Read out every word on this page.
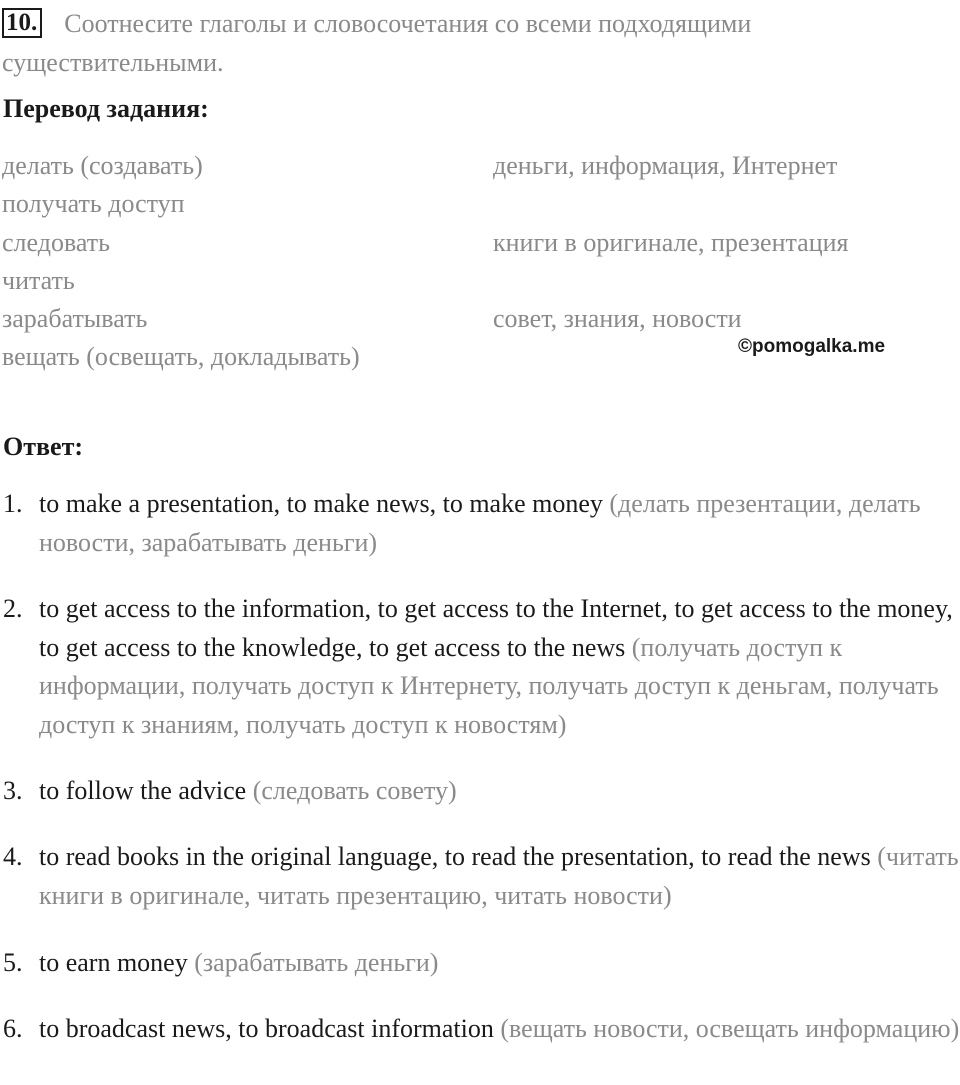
10. Соотнесите глаголы и словосочетания со всеми подходящими существительными.
Перевод задания:
делать (создавать)	деньги, информация, Интернет
получать доступ
следовать	книги в оригинале, презентация
читать
зарабатывать	совет, знания, новости
вещать (освещать, докладывать)	©pomogalka.me
Ответ:
1. to make a presentation, to make news, to make money (делать презентации, делать новости, зарабатывать деньги)
2. to get access to the information, to get access to the Internet, to get access to the money, to get access to the knowledge, to get access to the news (получать доступ к информации, получать доступ к Интернету, получать доступ к деньгам, получать доступ к знаниям, получать доступ к новостям)
3. to follow the advice (следовать совету)
4. to read books in the original language, to read the presentation, to read the news (читать книги в оригинале, читать презентацию, читать новости)
5. to earn money (зарабатывать деньги)
6. to broadcast news, to broadcast information (вещать новости, освещать информацию)
